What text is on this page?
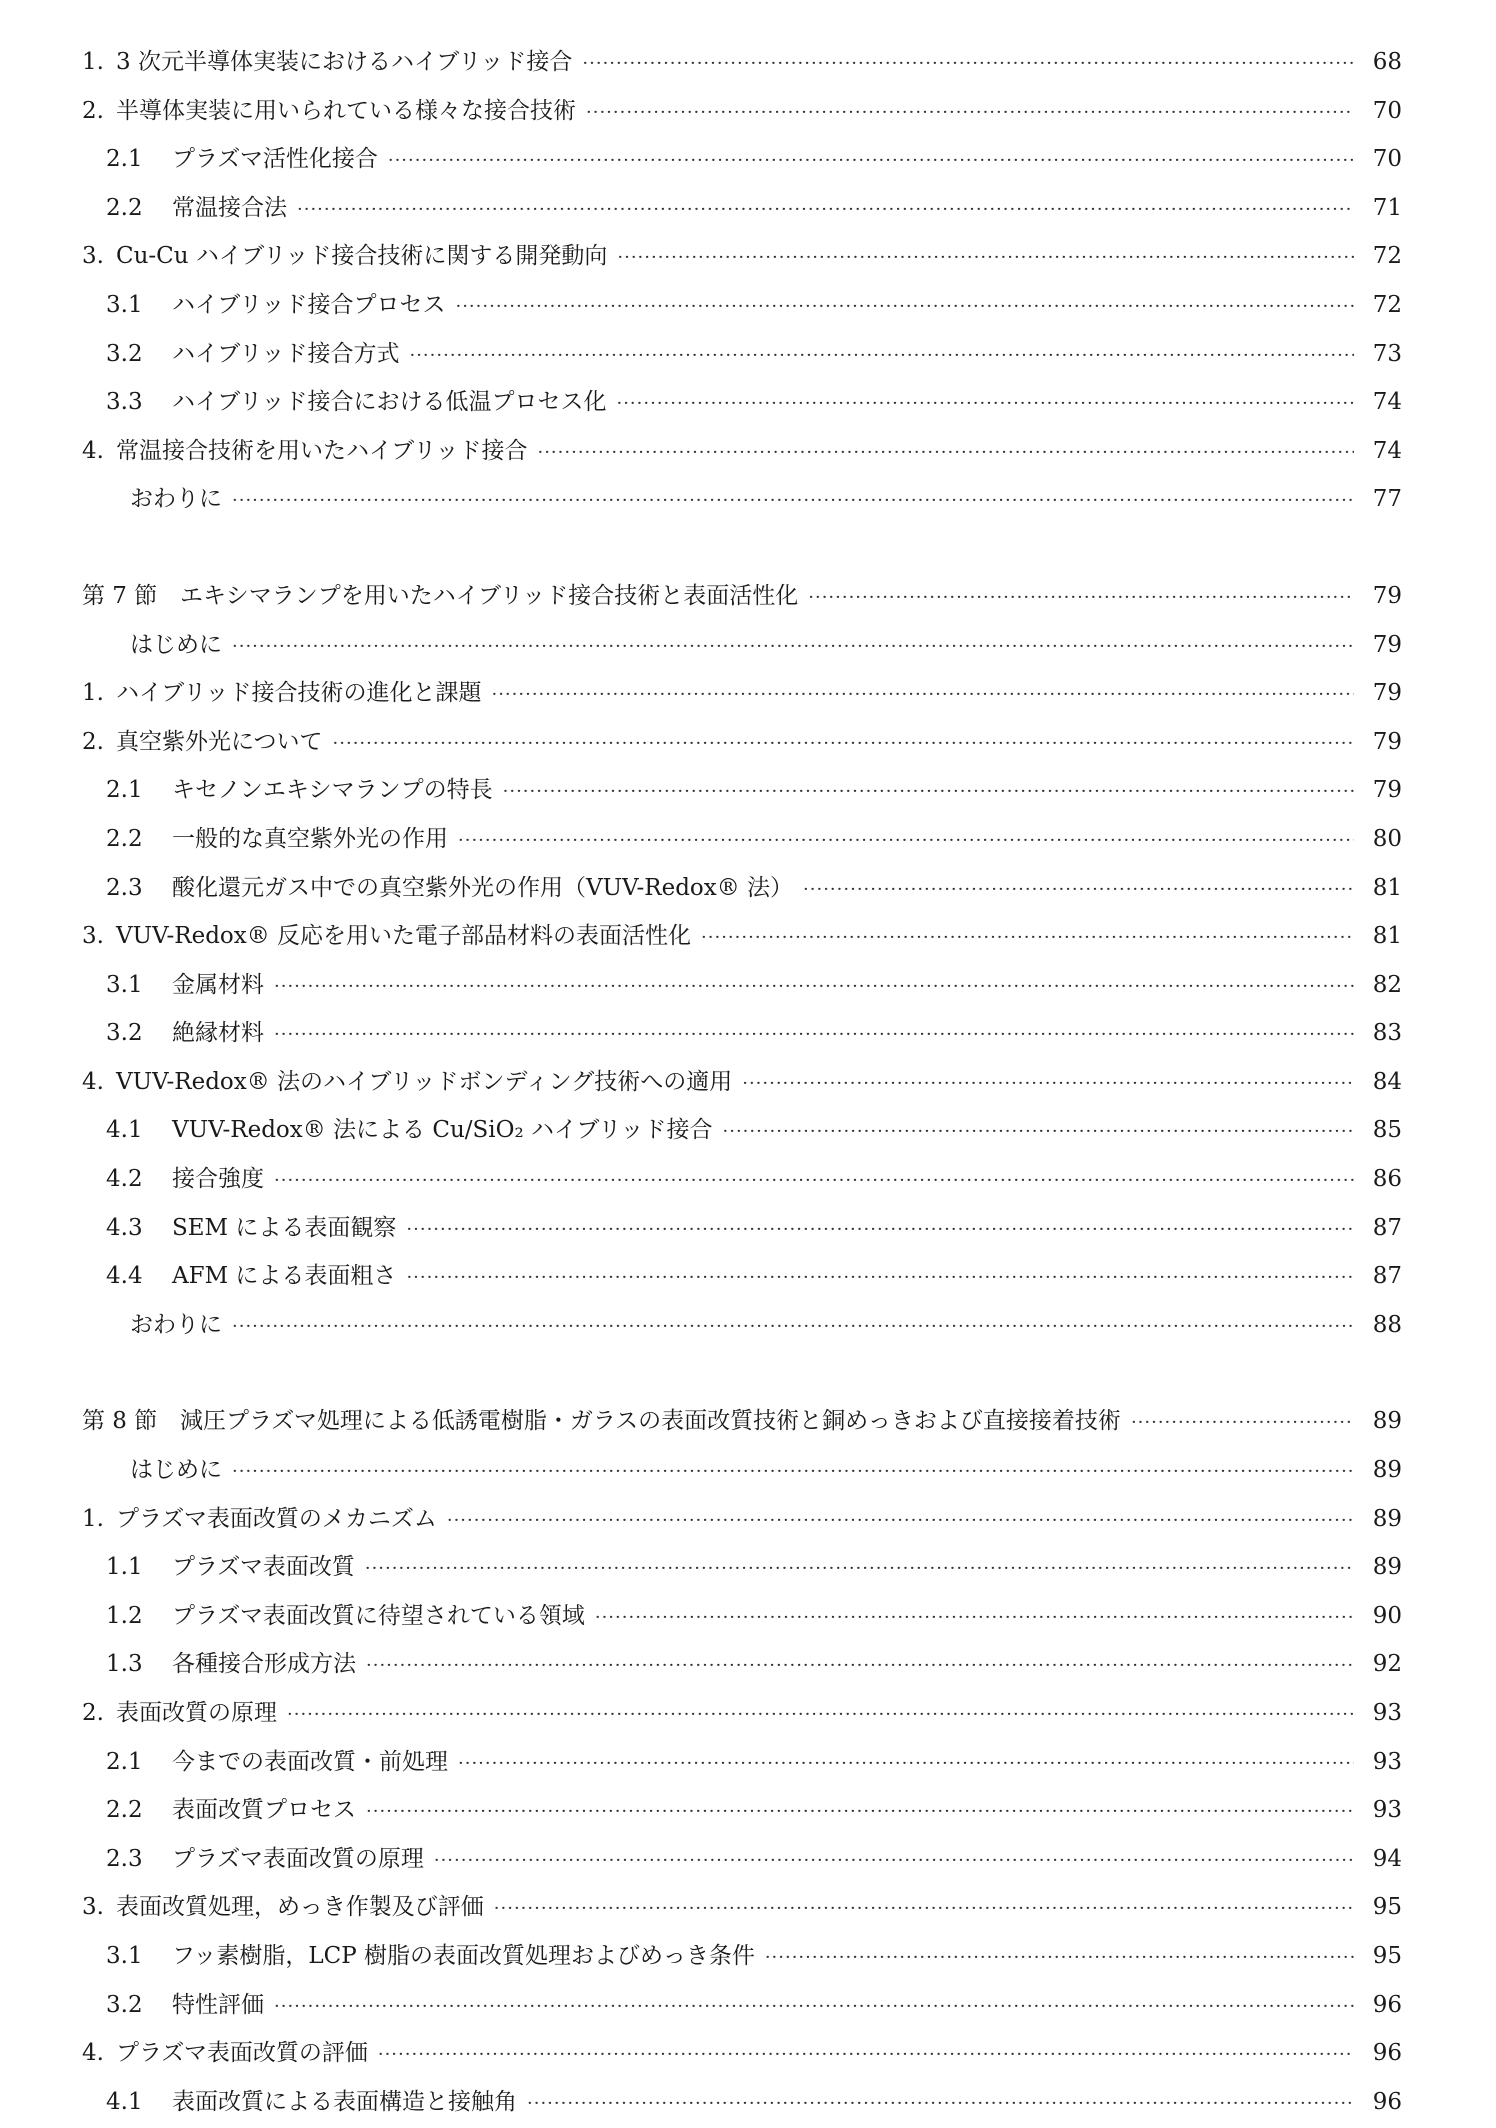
1. 3 次元半導体実装におけるハイブリッド接合 ·····	68
2. 半導体実装に用いられている様々な接合技術 ·····	70
2.1	プラズマ活性化接合 ·····	70
2.2	常温接合法 ·····	71
3. Cu-Cu ハイブリッド接合技術に関する開発動向 ·····	72
3.1	ハイブリッド接合プロセス ·····	72
3.2	ハイブリッド接合方式 ·····	73
3.3	ハイブリッド接合における低温プロセス化 ·····	74
4. 常温接合技術を用いたハイブリッド接合 ·····	74
おわりに ·····	77
第 7 節 エキシマランプを用いたハイブリッド接合技術と表面活性化 ·····	79
はじめに ·····	79
1. ハイブリッド接合技術の進化と課題 ·····	79
2. 真空紫外光について ·····	79
2.1	キセノンエキシマランプの特長 ·····	79
2.2	一般的な真空紫外光の作用 ·····	80
2.3	酸化還元ガス中での真空紫外光の作用（VUV-Redox® 法） ·····	81
3. VUV-Redox® 反応を用いた電子部品材料の表面活性化 ·····	81
3.1	金属材料 ·····	82
3.2	絶縁材料 ·····	83
4. VUV-Redox® 法のハイブリッドボンディング技術への適用 ·····	84
4.1	VUV-Redox® 法による Cu/SiO₂ ハイブリッド接合 ·····	85
4.2	接合強度 ·····	86
4.3	SEM による表面観察 ·····	87
4.4	AFM による表面粗さ ·····	87
おわりに ·····	88
第 8 節 減圧プラズマ処理による低誘電樹脂・ガラスの表面改質技術と銅めっきおよび直接接着技術 ·····	89
はじめに ·····	89
1. プラズマ表面改質のメカニズム ·····	89
1.1	プラズマ表面改質 ·····	89
1.2	プラズマ表面改質に待望されている領域 ·····	90
1.3	各種接合形成方法 ·····	92
2. 表面改質の原理 ·····	93
2.1	今までの表面改質・前処理 ·····	93
2.2	表面改質プロセス ·····	93
2.3	プラズマ表面改質の原理 ·····	94
3. 表面改質処理，めっき作製及び評価 ·····	95
3.1	フッ素樹脂，LCP 樹脂の表面改質処理およびめっき条件 ·····	95
3.2	特性評価 ·····	96
4. プラズマ表面改質の評価 ·····	96
4.1	表面改質による表面構造と接触角 ·····	96
